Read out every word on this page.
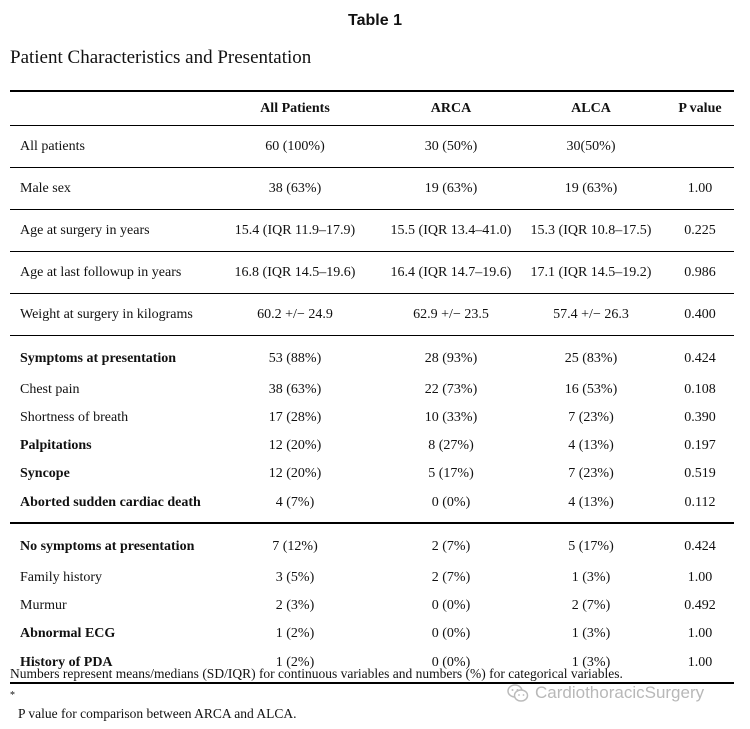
Table 1
Patient Characteristics and Presentation
	All Patients	ARCA	ALCA	P value
All patients	60 (100%)	30 (50%)	30(50%)	
Male sex	38 (63%)	19 (63%)	19 (63%)	1.00
Age at surgery in years	15.4 (IQR 11.9–17.9)	15.5 (IQR 13.4–41.0)	15.3 (IQR 10.8–17.5)	0.225
Age at last followup in years	16.8 (IQR 14.5–19.6)	16.4 (IQR 14.7–19.6)	17.1 (IQR 14.5–19.2)	0.986
Weight at surgery in kilograms	60.2 +/− 24.9	62.9 +/− 23.5	57.4 +/− 26.3	0.400
Symptoms at presentation	53 (88%)	28 (93%)	25 (83%)	0.424
Chest pain	38 (63%)	22 (73%)	16 (53%)	0.108
Shortness of breath	17 (28%)	10 (33%)	7 (23%)	0.390
Palpitations	12 (20%)	8 (27%)	4 (13%)	0.197
Syncope	12 (20%)	5 (17%)	7 (23%)	0.519
Aborted sudden cardiac death	4 (7%)	0 (0%)	4 (13%)	0.112
No symptoms at presentation	7 (12%)	2 (7%)	5 (17%)	0.424
Family history	3 (5%)	2 (7%)	1 (3%)	1.00
Murmur	2 (3%)	0 (0%)	2 (7%)	0.492
Abnormal ECG	1 (2%)	0 (0%)	1 (3%)	1.00
History of PDA	1 (2%)	0 (0%)	1 (3%)	1.00
Numbers represent means/medians (SD/IQR) for continuous variables and numbers (%) for categorical variables.
*
P value for comparison between ARCA and ALCA.
CardiothoracicSurgery
